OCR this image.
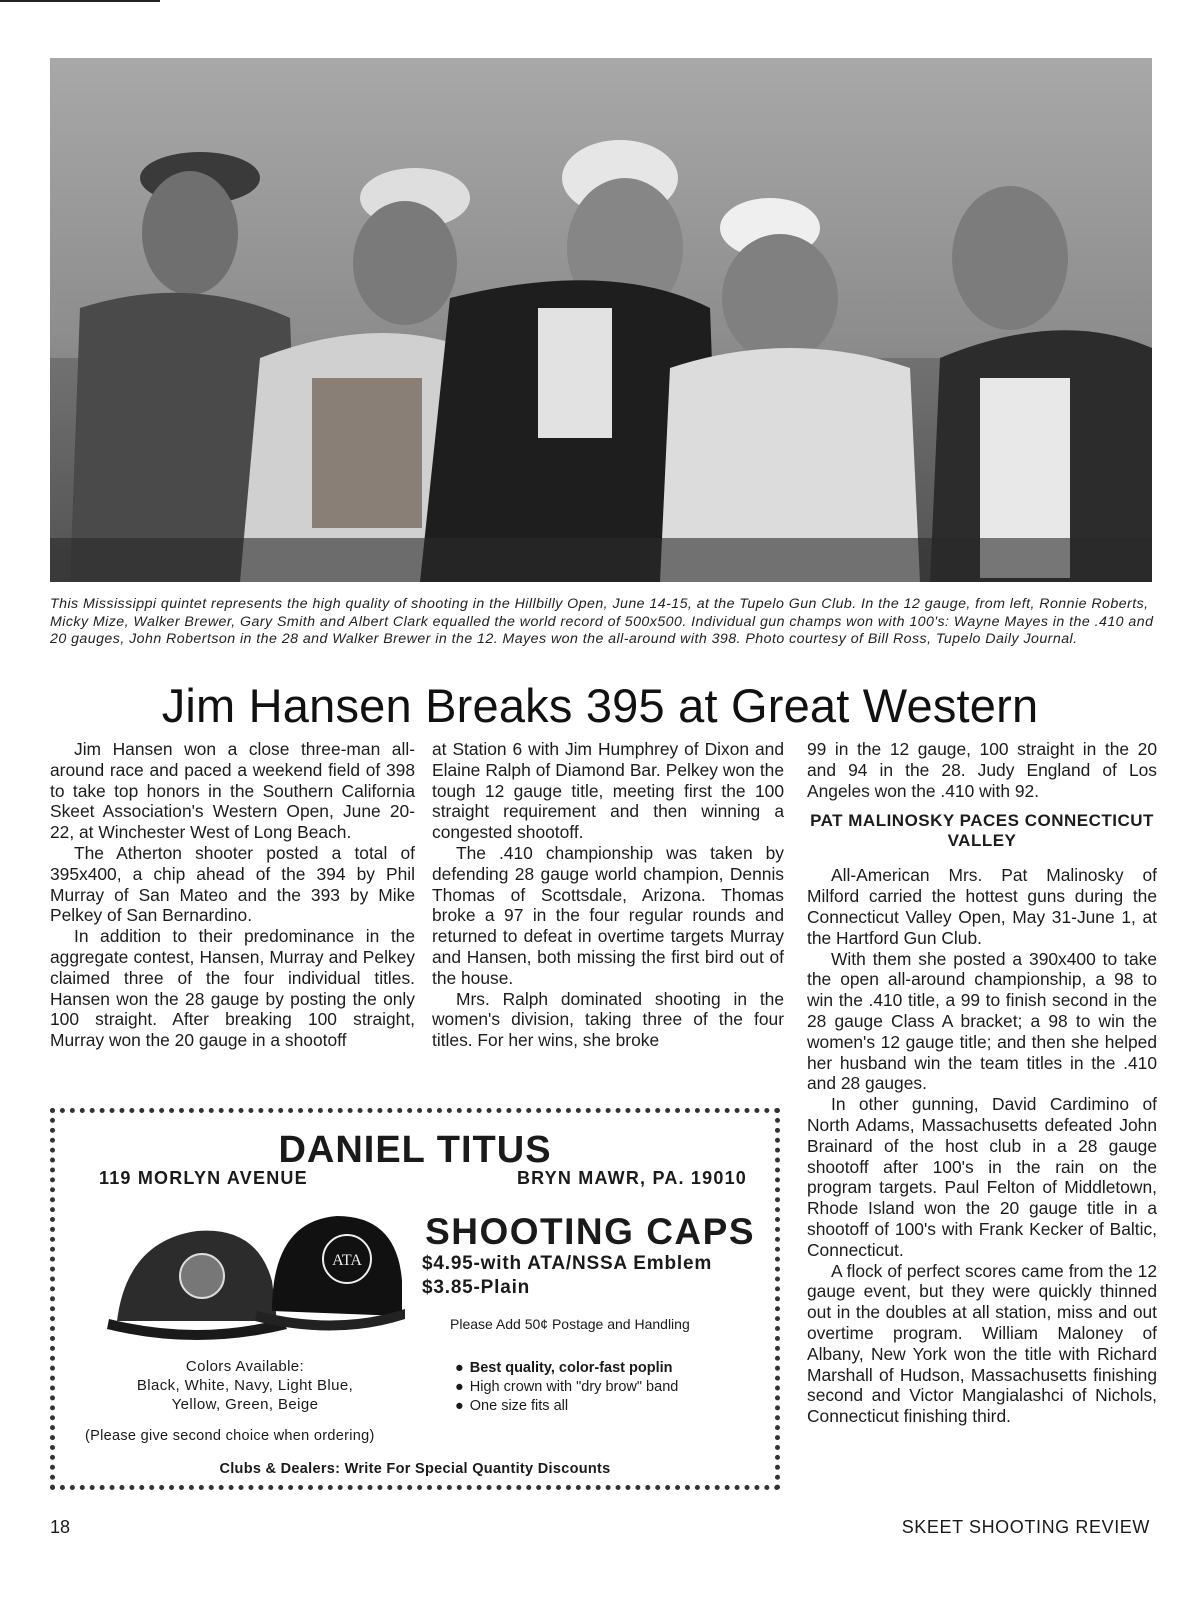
This Mississippi quintet represents the high quality of shooting in the Hillbilly Open, June 14-15, at the Tupelo Gun Club. In the 12 gauge, from left, Ronnie Roberts, Micky Mize, Walker Brewer, Gary Smith and Albert Clark equalled the world record of 500x500. Individual gun champs won with 100's: Wayne Mayes in the .410 and 20 gauges, John Robertson in the 28 and Walker Brewer in the 12. Mayes won the all-around with 398. Photo courtesy of Bill Ross, Tupelo Daily Journal.

Jim Hansen Breaks 395 at Great Western

Jim Hansen won a close three-man all-around race and paced a weekend field of 398 to take top honors in the Southern California Skeet Association's Western Open, June 20-22, at Winchester West of Long Beach.

The Atherton shooter posted a total of 395x400, a chip ahead of the 394 by Phil Murray of San Mateo and the 393 by Mike Pelkey of San Bernardino.

In addition to their predominance in the aggregate contest, Hansen, Murray and Pelkey claimed three of the four individual titles. Hansen won the 28 gauge by posting the only 100 straight. After breaking 100 straight, Murray won the 20 gauge in a shootoff

at Station 6 with Jim Humphrey of Dixon and Elaine Ralph of Diamond Bar. Pelkey won the tough 12 gauge title, meeting first the 100 straight requirement and then winning a congested shootoff.

The .410 championship was taken by defending 28 gauge world champion, Dennis Thomas of Scottsdale, Arizona. Thomas broke a 97 in the four regular rounds and returned to defeat in overtime targets Murray and Hansen, both missing the first bird out of the house.

Mrs. Ralph dominated shooting in the women's division, taking three of the four titles. For her wins, she broke

99 in the 12 gauge, 100 straight in the 20 and 94 in the 28. Judy England of Los Angeles won the .410 with 92.

PAT MALINOSKY PACES CONNECTICUT VALLEY

All-American Mrs. Pat Malinosky of Milford carried the hottest guns during the Connecticut Valley Open, May 31-June 1, at the Hartford Gun Club.

With them she posted a 390x400 to take the open all-around championship, a 98 to win the .410 title, a 99 to finish second in the 28 gauge Class A bracket; a 98 to win the women's 12 gauge title; and then she helped her husband win the team titles in the .410 and 28 gauges.

In other gunning, David Cardimino of North Adams, Massachusetts defeated John Brainard of the host club in a 28 gauge shootoff after 100's in the rain on the program targets. Paul Felton of Middletown, Rhode Island won the 20 gauge title in a shootoff of 100's with Frank Kecker of Baltic, Connecticut.

A flock of perfect scores came from the 12 gauge event, but they were quickly thinned out in the doubles at all station, miss and out overtime program. William Maloney of Albany, New York won the title with Richard Marshall of Hudson, Massachusetts finishing second and Victor Mangialashci of Nichols, Connecticut finishing third.

DANIEL TITUS
119 MORLYN AVENUE	BRYN MAWR, PA. 19010
ATA
SHOOTING CAPS
$4.95-with ATA/NSSA Emblem
$3.85-Plain
Please Add 50¢ Postage and Handling
Colors Available:
Black, White, Navy, Light Blue,
Yellow, Green, Beige
● Best quality, color-fast poplin
● High crown with "dry brow" band
● One size fits all
(Please give second choice when ordering)
Clubs & Dealers: Write For Special Quantity Discounts
18	SKEET SHOOTING REVIEW
